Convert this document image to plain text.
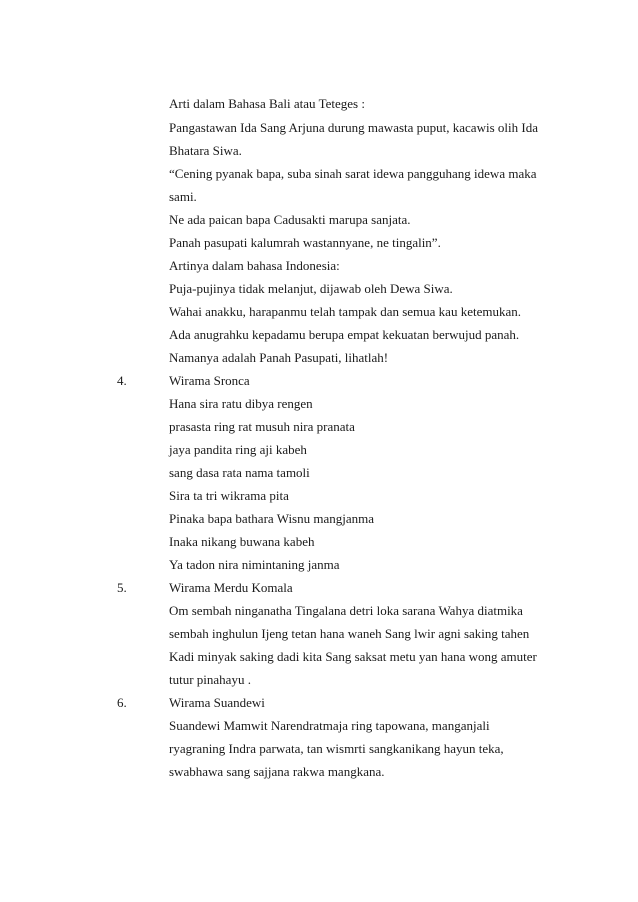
Arti dalam Bahasa Bali atau Teteges :
Pangastawan Ida Sang Arjuna durung mawasta puput, kacawis olih Ida
Bhatara Siwa.
“Cening pyanak bapa, suba sinah sarat idewa pangguhang idewa maka
sami.
Ne ada paican bapa Cadusakti marupa sanjata.
Panah pasupati kalumrah wastannyane, ne tingalin”.
Artinya dalam bahasa Indonesia:
Puja-pujinya tidak melanjut, dijawab oleh Dewa Siwa.
Wahai anakku, harapanmu telah tampak dan semua kau ketemukan.
Ada anugrahku kepadamu berupa empat kekuatan berwujud panah.
Namanya adalah Panah Pasupati, lihatlah!
4.	Wirama Sronca
Hana sira ratu dibya rengen
prasasta ring rat musuh nira pranata
jaya pandita ring aji kabeh
sang dasa rata nama tamoli
Sira ta tri wikrama pita
Pinaka bapa bathara Wisnu mangjanma
Inaka nikang buwana kabeh
Ya tadon nira nimintaning janma
5.	Wirama Merdu Komala
Om sembah ninganatha Tingalana detri loka sarana Wahya diatmika
sembah inghulun Ijeng tetan hana waneh Sang lwir agni saking tahen
Kadi minyak saking dadi kita Sang saksat metu yan hana wong amuter
tutur pinahayu .
6.	Wirama Suandewi
Suandewi Mamwit Narendratmaja ring tapowana, manganjali
ryagraning Indra parwata, tan wismrti sangkanikang hayun teka,
swabhawa sang sajjana rakwa mangkana.
